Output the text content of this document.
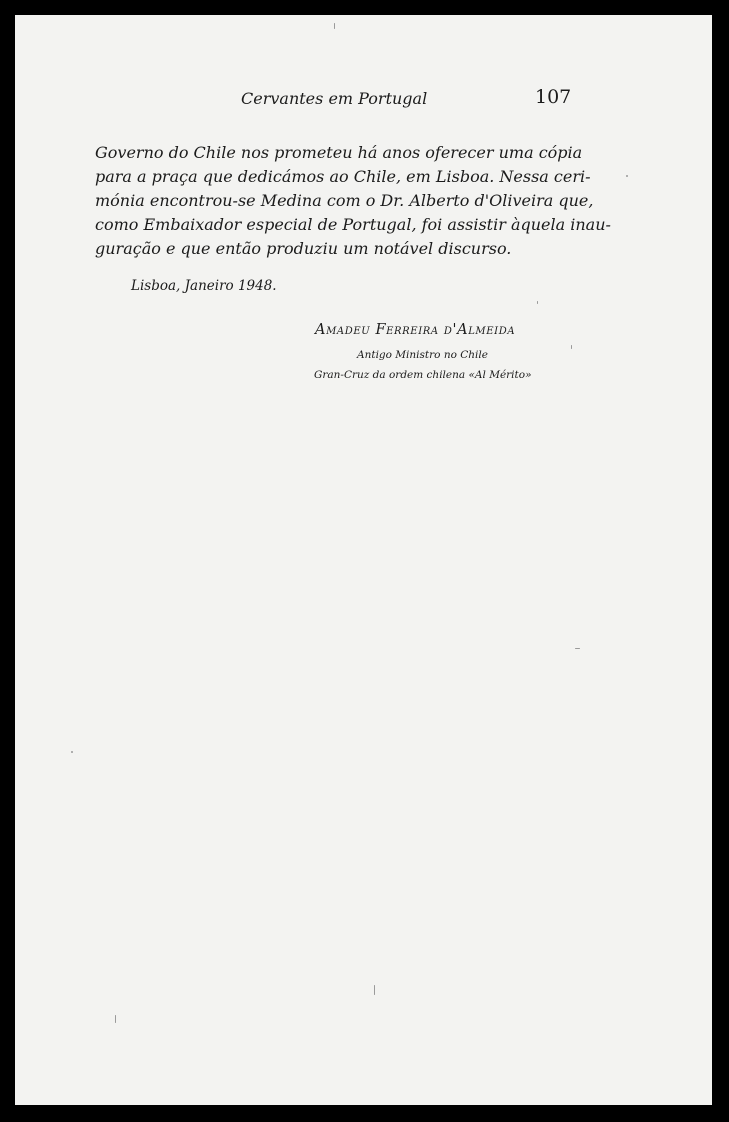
Cervantes em Portugal	107

Governo do Chile nos prometeu há anos oferecer uma cópia
para a praça que dedicámos ao Chile, em Lisboa. Nessa ceri-
mónia encontrou-se Medina com o Dr. Alberto d'Oliveira que,
como Embaixador especial de Portugal, foi assistir àquela inau-
guração e que então produziu um notável discurso.

Lisboa, Janeiro 1948.
Amadeu Ferreira d'Almeida
Antigo Ministro no Chile
Gran-Cruz da ordem chilena «Al Mérito»
